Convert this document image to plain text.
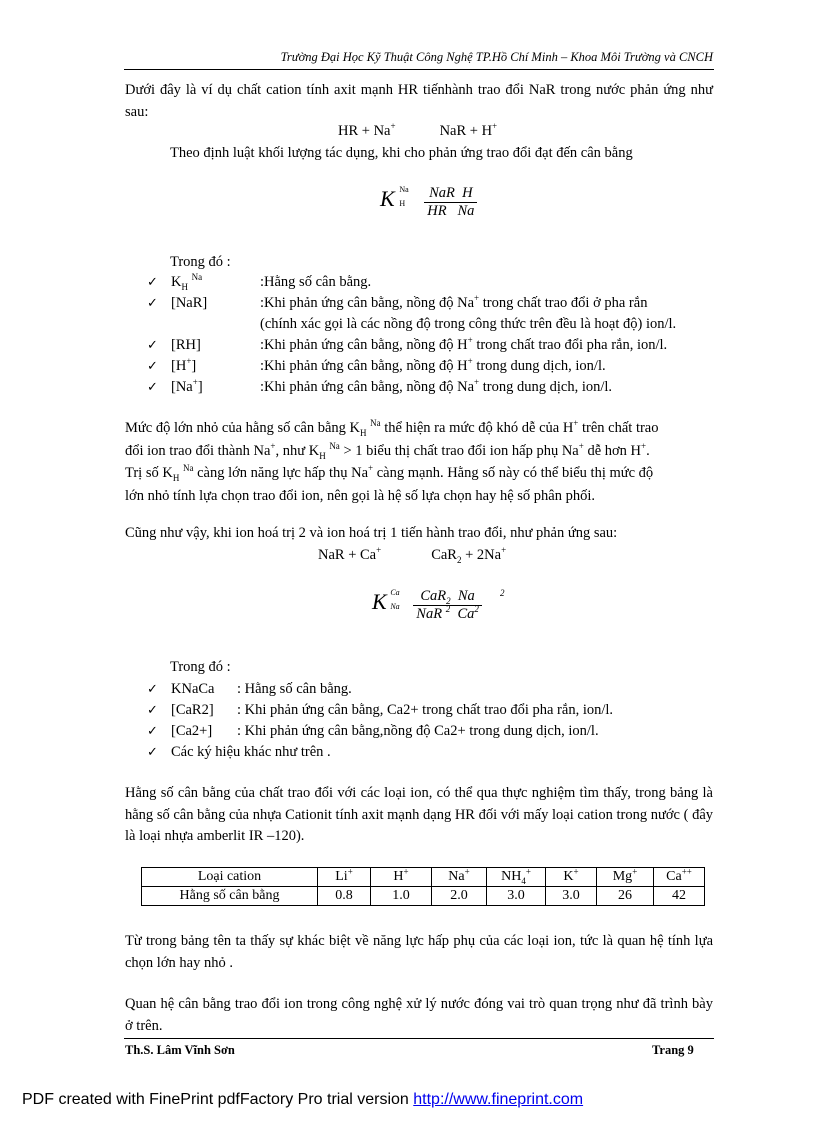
Trường Đại Học Kỹ Thuật Công Nghệ TP.Hồ Chí Minh – Khoa Môi Trường và CNCH
Dưới đây là ví dụ chất cation tính axit mạnh HR tiếnhành trao đổi NaR trong nước phản ứng như sau:
HR + Na+	NaR + H+
Theo định luật khối lượng tác dụng, khi cho phản ứng trao đổi đạt đến cân bằng
K Na
H
$\frac{\text{NaR H}}{\text{HR Na}}$
Trong đó :
✓ $K_H$ $^{Na}$	:Hằng số cân bằng.
✓ [NaR]	:Khi phản ứng cân bằng, nồng độ Na+ trong chất trao đổi ở pha rắn
(chính xác gọi là các nồng độ trong công thức trên đều là hoạt độ) ion/l.
✓ [RH]	:Khi phản ứng cân bằng, nồng độ H+ trong chất trao đổi pha rắn, ion/l.
✓ [H+]	:Khi phản ứng cân bằng, nồng độ H+ trong dung dịch, ion/l.
✓ [Na+]	:Khi phản ứng cân bằng, nồng độ Na+ trong dung dịch, ion/l.
Mức độ lớn nhỏ của hằng số cân bằng $K_H$ $^{Na}$ thể hiện ra mức độ khó dễ của H+ trên chất trao
đổi ion trao đổi thành Na+, như $K_H$ $^{Na}$ > 1 biểu thị chất trao đổi ion hấp phụ Na+ dễ hơn H+.
Trị số $K_H$ $^{Na}$ càng lớn năng lực hấp thụ Na+ càng mạnh. Hằng số này có thể biểu thị mức độ
lớn nhỏ tính lựa chọn trao đổi ion, nên gọi là hệ số lựa chọn hay hệ số phân phối.
Cũng như vậy, khi ion hoá trị 2 và ion hoá trị 1 tiến hành trao đổi, như phản ứng sau:
NaR + Ca+	CaR$_2$ + 2Na+
K Ca
Na
$\frac{CaR_2 Na}{NaR ^2 Ca^2} 2$
Trong đó :
✓ KNaCa : Hằng số cân bằng.
✓ [CaR2] : Khi phản ứng cân bằng, Ca2+ trong chất trao đổi pha rắn, ion/l.
✓ [Ca2+] : Khi phản ứng cân bằng,nồng độ Ca2+ trong dung dịch, ion/l.
✓ Các ký hiệu khác như trên .
Hằng số cân bằng của chất trao đổi với các loại ion, có thể qua thực nghiệm tìm thấy, trong bảng là hằng số cân bằng của nhựa Cationit tính axit mạnh dạng HR đối với mấy loại cation trong nước ( đây là loại nhựa amberlit IR –120).
Loại cation	Li+	H+	Na+	$NH_4^+$	K+	Mg+	Ca++
Hằng số cân bằng	0.8	1.0	2.0	3.0	3.0	26	42
Từ trong bảng tên ta thấy sự khác biệt về năng lực hấp phụ của các loại ion, tức là quan hệ tính lựa chọn lớn hay nhỏ .
Quan hệ cân bằng trao đổi ion trong công nghệ xử lý nước đóng vai trò quan trọng như đã trình bày ở trên.
Th.S. Lâm Vĩnh Sơn	Trang 9
PDF created with FinePrint pdfFactory Pro trial version http://www.fineprint.com
